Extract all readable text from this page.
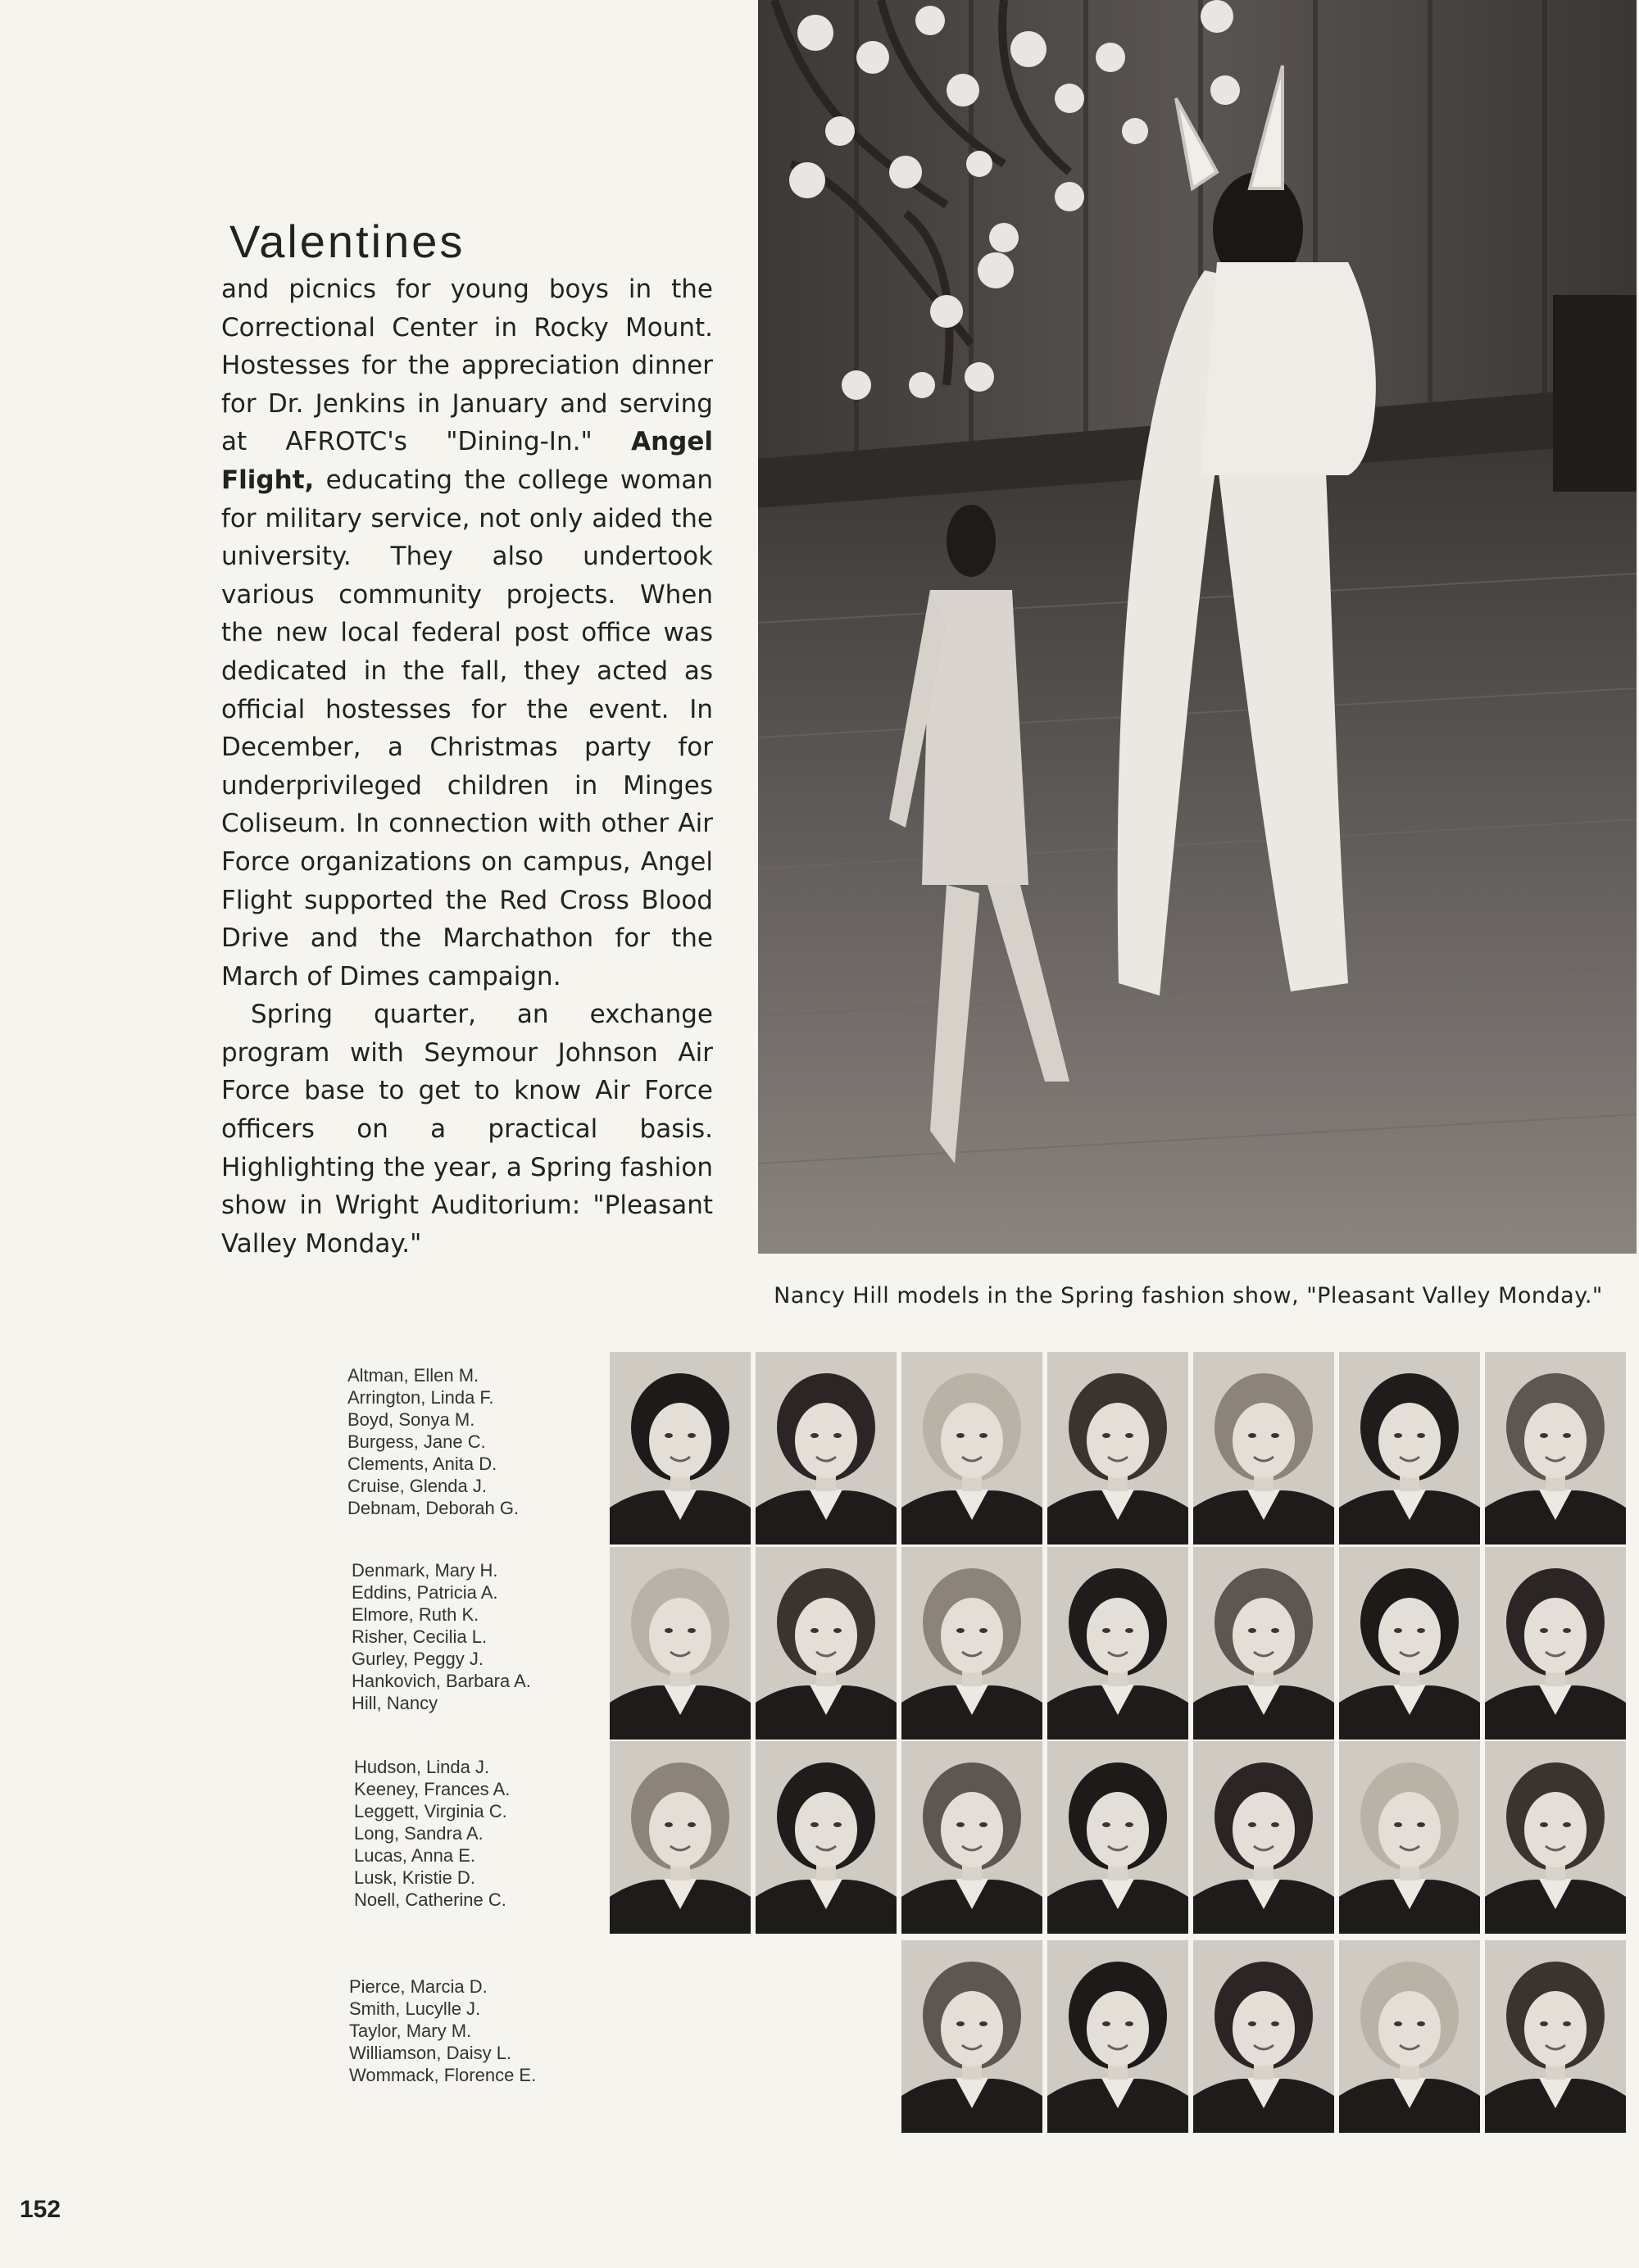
Valentines

and picnics for young boys in the Correctional Center in Rocky Mount. Hostesses for the appreciation dinner for Dr. Jenkins in January and serving at AFROTC's "Dining-In." Angel Flight, educating the college woman for military service, not only aided the university. They also undertook various community projects. When the new local federal post office was dedicated in the fall, they acted as official hostesses for the event. In December, a Christmas party for underprivileged children in Minges Coliseum. In connection with other Air Force organizations on campus, Angel Flight supported the Red Cross Blood Drive and the Marchathon for the March of Dimes campaign.

Spring quarter, an exchange program with Seymour Johnson Air Force base to get to know Air Force officers on a practical basis. Highlighting the year, a Spring fashion show in Wright Auditorium: "Pleasant Valley Monday."

Nancy Hill models in the Spring fashion show, "Pleasant Valley Monday."
Altman, Ellen M.
Arrington, Linda F.
Boyd, Sonya M.
Burgess, Jane C.
Clements, Anita D.
Cruise, Glenda J.
Debnam, Deborah G.
Denmark, Mary H.
Eddins, Patricia A.
Elmore, Ruth K.
Risher, Cecilia L.
Gurley, Peggy J.
Hankovich, Barbara A.
Hill, Nancy
Hudson, Linda J.
Keeney, Frances A.
Leggett, Virginia C.
Long, Sandra A.
Lucas, Anna E.
Lusk, Kristie D.
Noell, Catherine C.
Pierce, Marcia D.
Smith, Lucylle J.
Taylor, Mary M.
Williamson, Daisy L.
Wommack, Florence E.
152
